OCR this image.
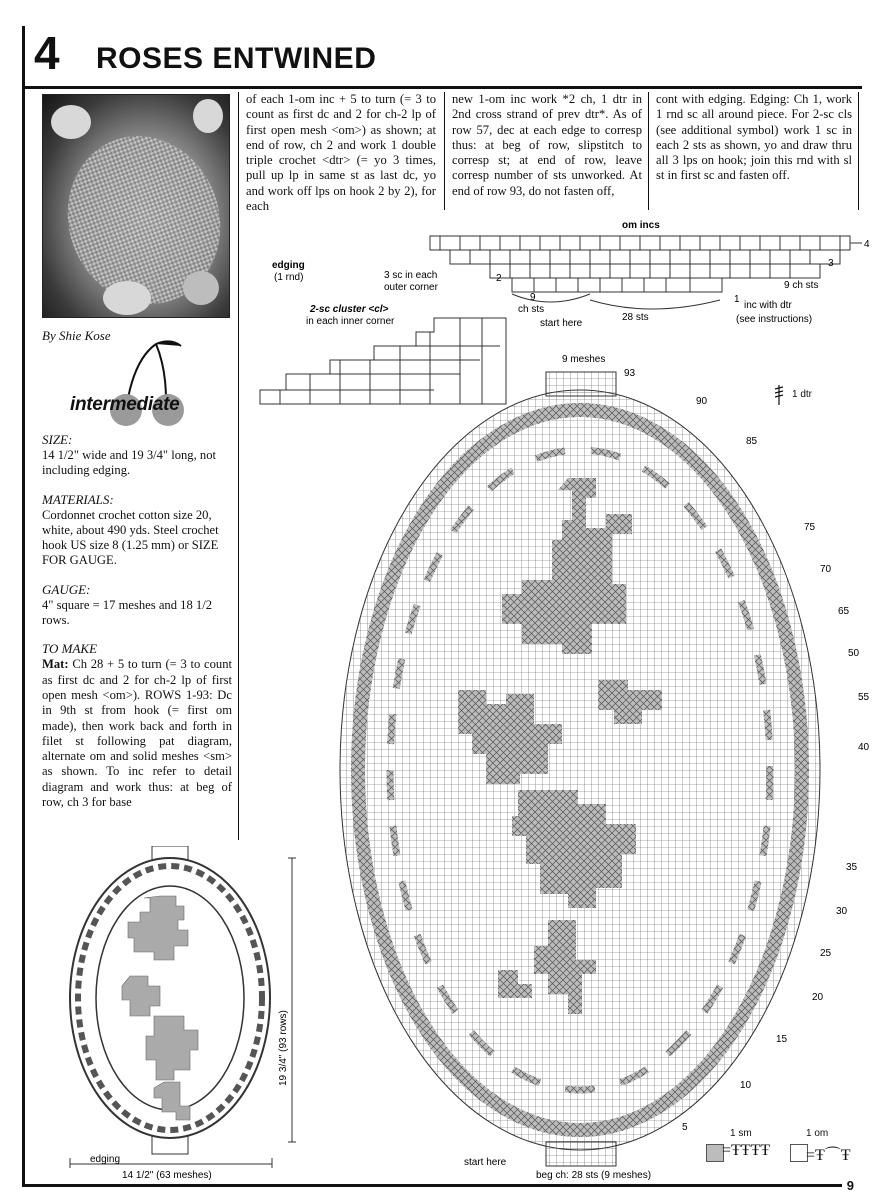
4 ROSES ENTWINED
By Shie Kose
intermediate
SIZE:
14 1/2" wide and 19 3/4" long, not including edging.
MATERIALS:
Cordonnet crochet cotton size 20, white, about 490 yds. Steel crochet hook US size 8 (1.25 mm) or SIZE FOR GAUGE.
GAUGE:
4" square = 17 meshes and 18 1/2 rows.
TO MAKE
Mat: Ch 28 + 5 to turn (= 3 to count as first dc and 2 for ch-2 lp of first open mesh <om>). ROWS 1-93: Dc in 9th st from hook (= first om made), then work back and forth in filet st following pat diagram, alternate om and solid meshes <sm> as shown. To inc refer to detail diagram and work thus: at beg of row, ch 3 for base
of each 1-om inc + 5 to turn (= 3 to count as first dc and 2 for ch-2 lp of first open mesh <om>) as shown; at end of row, ch 2 and work 1 double triple crochet <dtr> (= yo 3 times, pull up lp in same st as last dc, yo and work off lps on hook 2 by 2), for each
new 1-om inc work *2 ch, 1 dtr in 2nd cross strand of prev dtr*. As of row 57, dec at each edge to corresp thus: at beg of row, slipstitch to corresp st; at end of row, leave corresp number of sts unworked. At end of row 93, do not fasten off,
cont with edging. Edging: Ch 1, work 1 rnd sc all around piece. For 2-sc cls (see additional symbol) work 1 sc in each 2 sts as shown, yo and draw thru all 3 lps on hook; join this rnd with sl st in first sc and fasten off.
om incs
4
3
2
1
9
ch sts
start here
28 sts
9 ch sts
inc with dtr
(see instructions)
edging
(1 rnd)	3 sc in each
outer corner
2-sc cluster <cl>
in each inner corner
9 meshes
93
90
85
75
70
65
50
55
40
35
30
25
20
15
10
5
start here
beg ch: 28 sts (9 meshes)
1 dtr
1 sm	1 om
=ŦŦŦŦ =Ŧ⌒Ŧ
19 3/4" (93 rows)
edging
14 1/2" (63 meshes)
9
